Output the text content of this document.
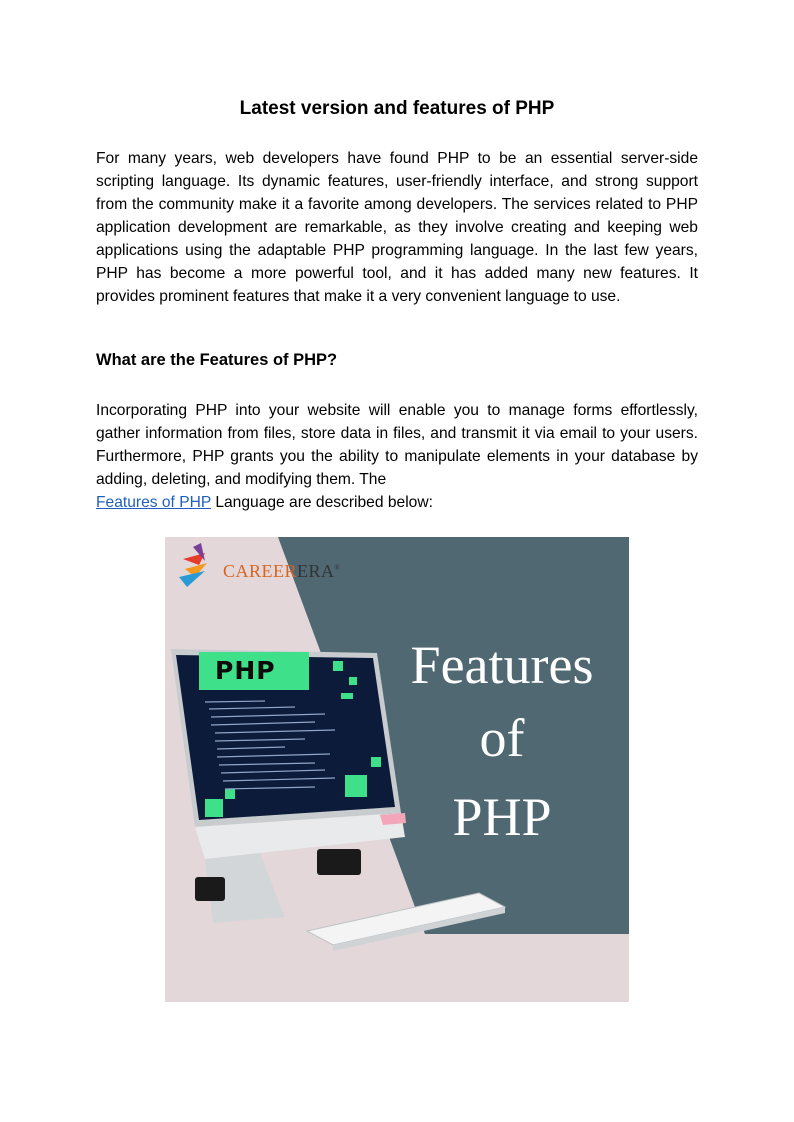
Latest version and features of PHP

For many years, web developers have found PHP to be an essential server-side scripting language. Its dynamic features, user-friendly interface, and strong support from the community make it a favorite among developers. The services related to PHP application development are remarkable, as they involve creating and keeping web applications using the adaptable PHP programming language. In the last few years, PHP has become a more powerful tool, and it has added many new features. It provides prominent features that make it a very convenient language to use.

What are the Features of PHP?

Incorporating PHP into your website will enable you to manage forms effortlessly, gather information from files, store data in files, and transmit it via email to your users. Furthermore, PHP grants you the ability to manipulate elements in your database by adding, deleting, and modifying them. The
Features of PHP Language are described below:

CAREERERA®
PHP	Features
of
PHP
